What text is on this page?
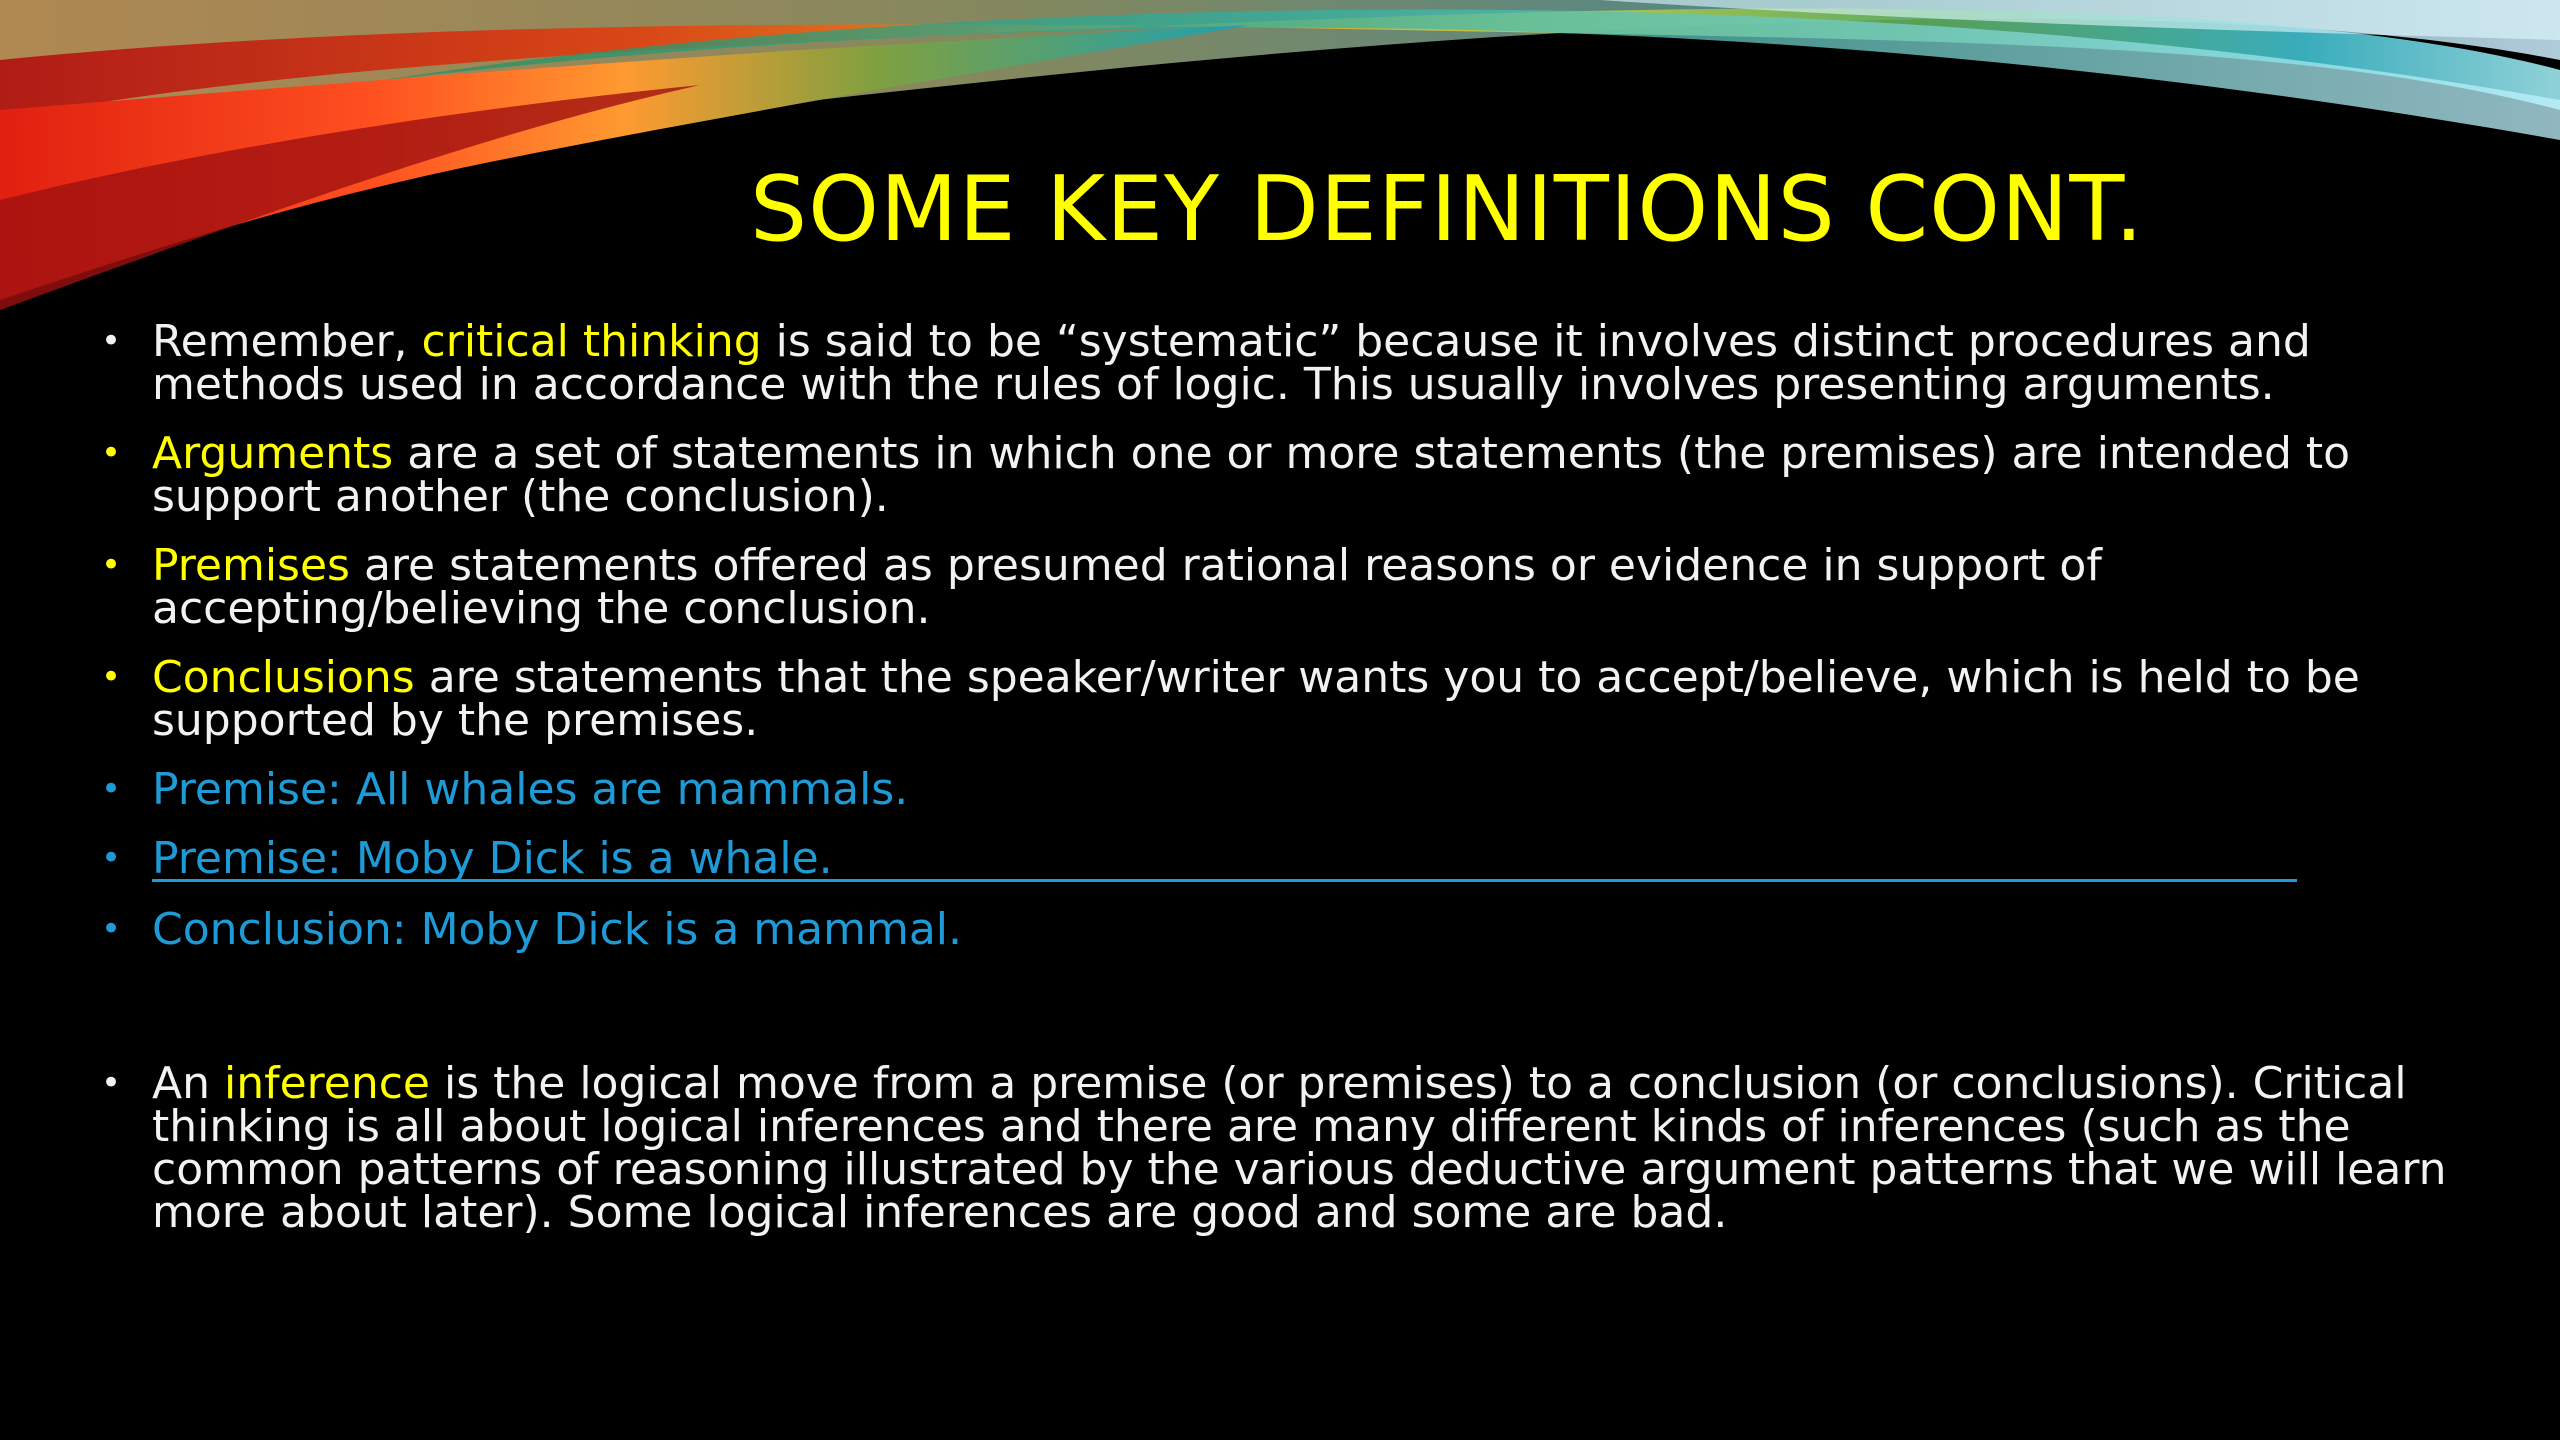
SOME KEY DEFINITIONS CONT.
• Remember, critical thinking is said to be “systematic” because it involves distinct procedures and methods used in accordance with the rules of logic. This usually involves presenting arguments.
• Arguments are a set of statements in which one or more statements (the premises) are intended to support another (the conclusion).
• Premises are statements offered as presumed rational reasons or evidence in support of accepting/believing the conclusion.
• Conclusions are statements that the speaker/writer wants you to accept/believe, which is held to be supported by the premises.
• Premise: All whales are mammals.
• Premise: Moby Dick is a whale.
• Conclusion: Moby Dick is a mammal.
• An inference is the logical move from a premise (or premises) to a conclusion (or conclusions). Critical thinking is all about logical inferences and there are many different kinds of inferences (such as the common patterns of reasoning illustrated by the various deductive argument patterns that we will learn more about later). Some logical inferences are good and some are bad.
